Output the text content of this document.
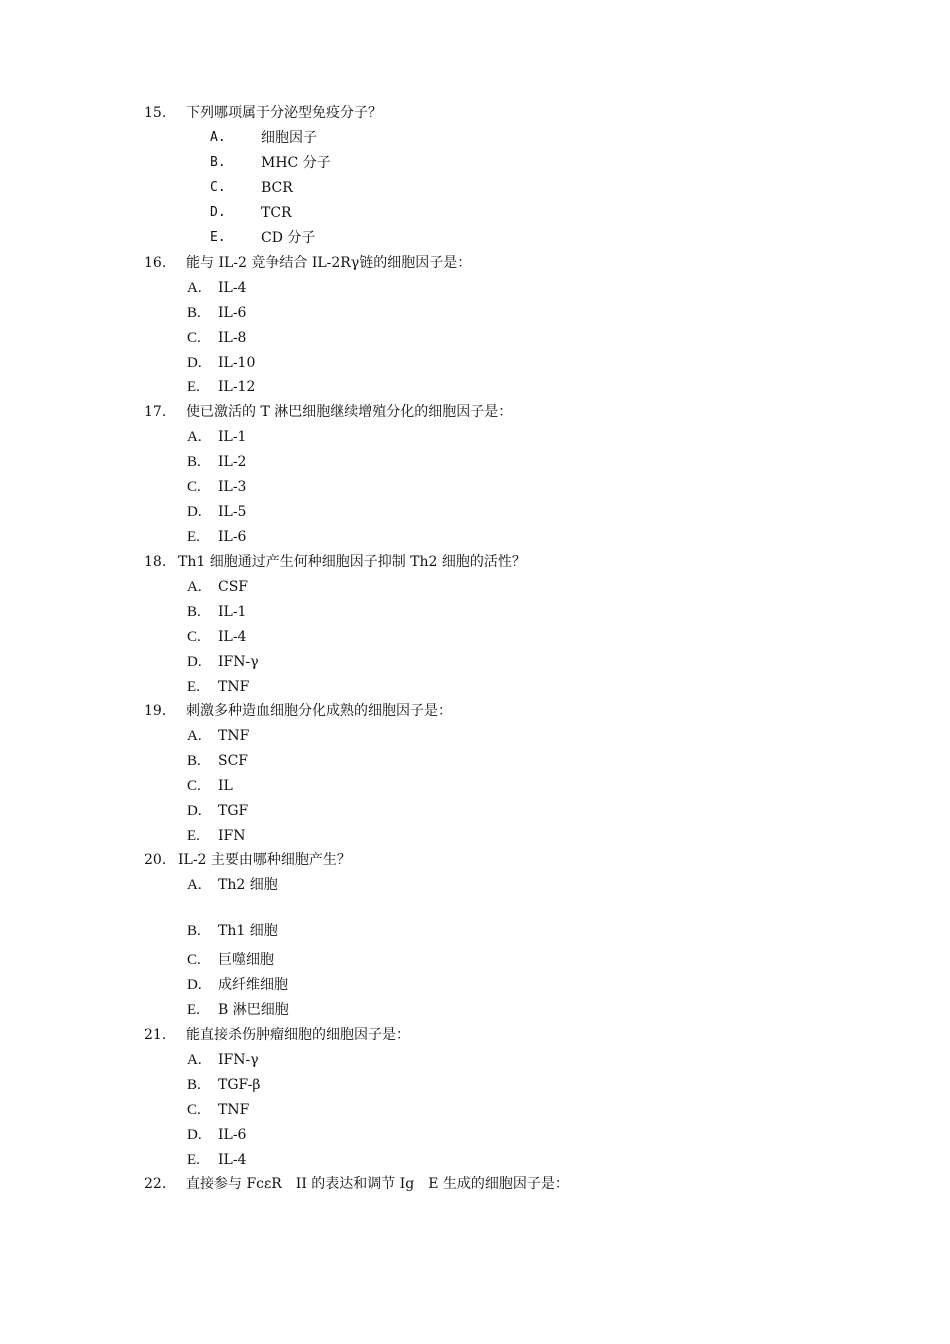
15. 下列哪项属于分泌型免疫分子？
A.	细胞因子
B.	MHC 分子
C.	BCR
D.	TCR
E.	CD 分子
16. 能与 IL-2 竞争结合 IL-2Rγ链的细胞因子是：
A. IL-4
B. IL-6
C. IL-8
D. IL-10
E. IL-12
17. 使已激活的 T 淋巴细胞继续增殖分化的细胞因子是：
A. IL-1
B. IL-2
C. IL-3
D. IL-5
E. IL-6
18. Th1 细胞通过产生何种细胞因子抑制 Th2 细胞的活性？
A. CSF
B. IL-1
C. IL-4
D. IFN-γ
E. TNF
19. 刺激多种造血细胞分化成熟的细胞因子是：
A. TNF
B. SCF
C. IL
D. TGF
E. IFN
20. IL-2 主要由哪种细胞产生？
A. Th2 细胞
B. Th1 细胞
C. 巨噬细胞
D. 成纤维细胞
E. B 淋巴细胞
21. 能直接杀伤肿瘤细胞的细胞因子是：
A. IFN-γ
B. TGF-β
C. TNF
D. IL-6
E. IL-4
22. 直接参与 FcεR　II 的表达和调节 Ig　E 生成的细胞因子是：
